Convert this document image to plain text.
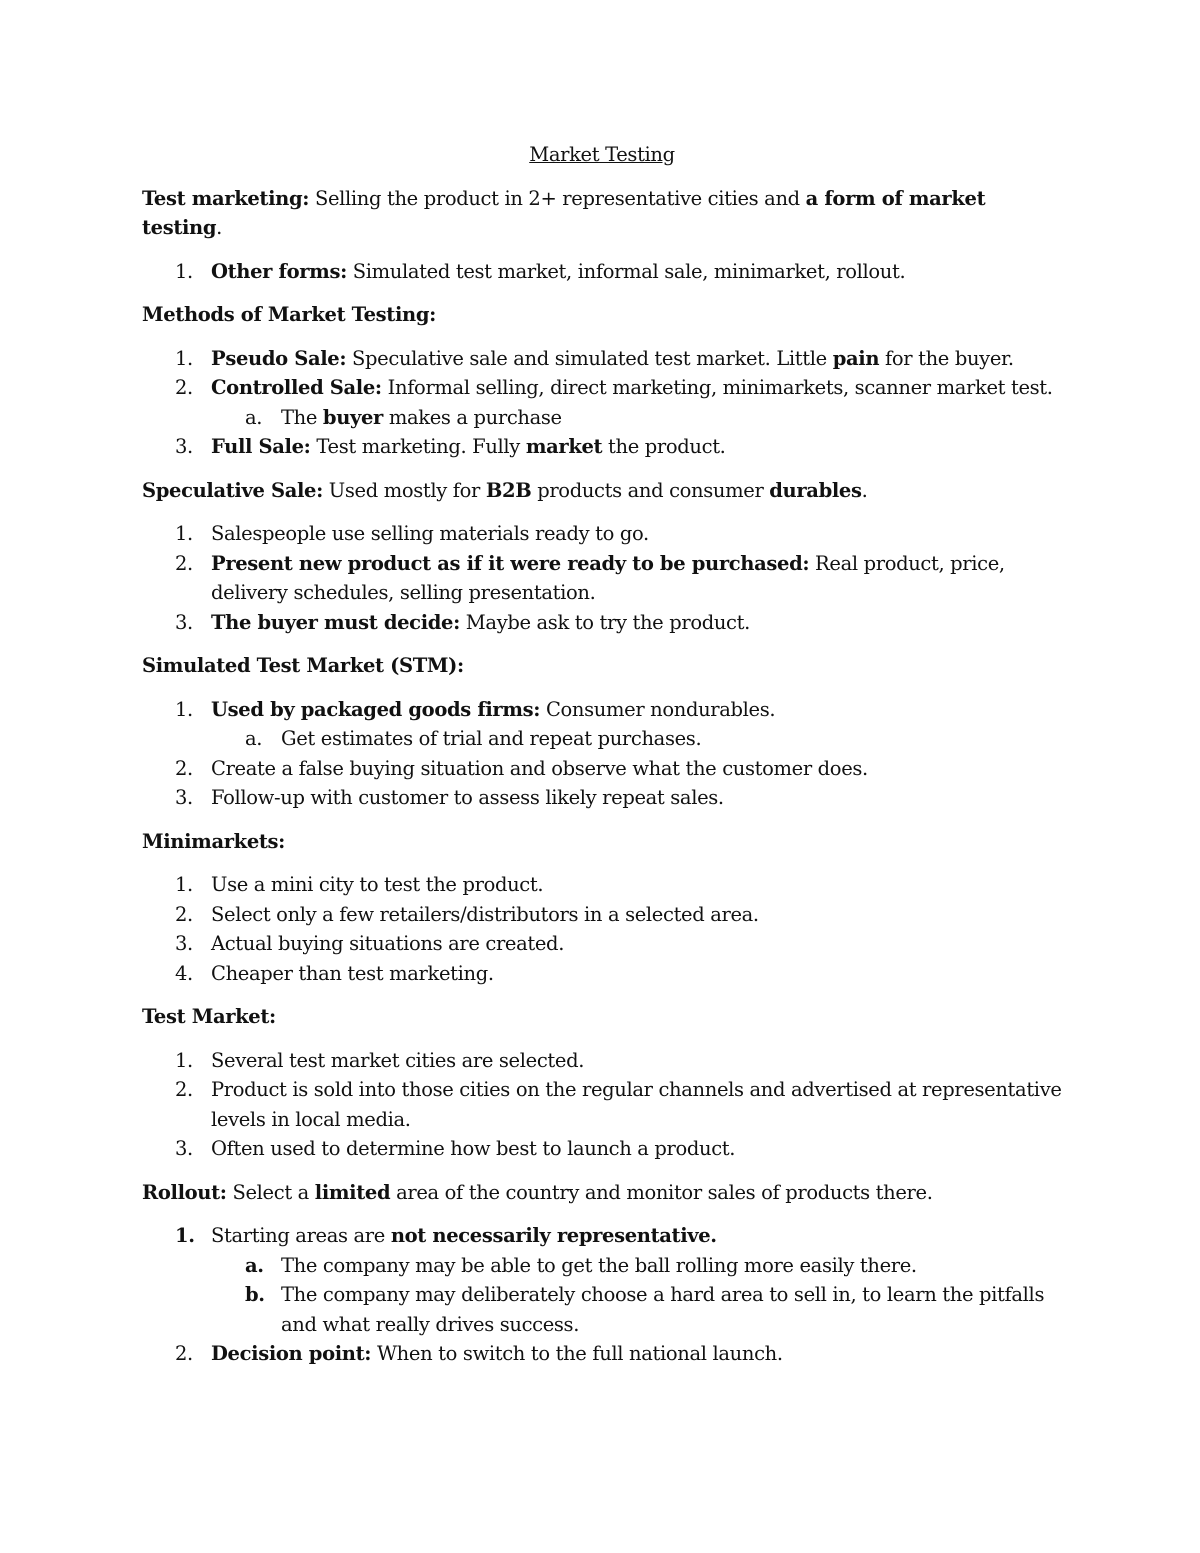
Market Testing
Test marketing: Selling the product in 2+ representative cities and a form of market testing.
1. Other forms: Simulated test market, informal sale, minimarket, rollout.
Methods of Market Testing:
1. Pseudo Sale: Speculative sale and simulated test market. Little pain for the buyer.
2. Controlled Sale: Informal selling, direct marketing, minimarkets, scanner market test.
a. The buyer makes a purchase
3. Full Sale: Test marketing. Fully market the product.
Speculative Sale: Used mostly for B2B products and consumer durables.
1. Salespeople use selling materials ready to go.
2. Present new product as if it were ready to be purchased: Real product, price, delivery schedules, selling presentation.
3. The buyer must decide: Maybe ask to try the product.
Simulated Test Market (STM):
1. Used by packaged goods firms: Consumer nondurables.
a. Get estimates of trial and repeat purchases.
2. Create a false buying situation and observe what the customer does.
3. Follow-up with customer to assess likely repeat sales.
Minimarkets:
1. Use a mini city to test the product.
2. Select only a few retailers/distributors in a selected area.
3. Actual buying situations are created.
4. Cheaper than test marketing.
Test Market:
1. Several test market cities are selected.
2. Product is sold into those cities on the regular channels and advertised at representative levels in local media.
3. Often used to determine how best to launch a product.
Rollout: Select a limited area of the country and monitor sales of products there.
1. Starting areas are not necessarily representative.
a. The company may be able to get the ball rolling more easily there.
b. The company may deliberately choose a hard area to sell in, to learn the pitfalls and what really drives success.
2. Decision point: When to switch to the full national launch.
